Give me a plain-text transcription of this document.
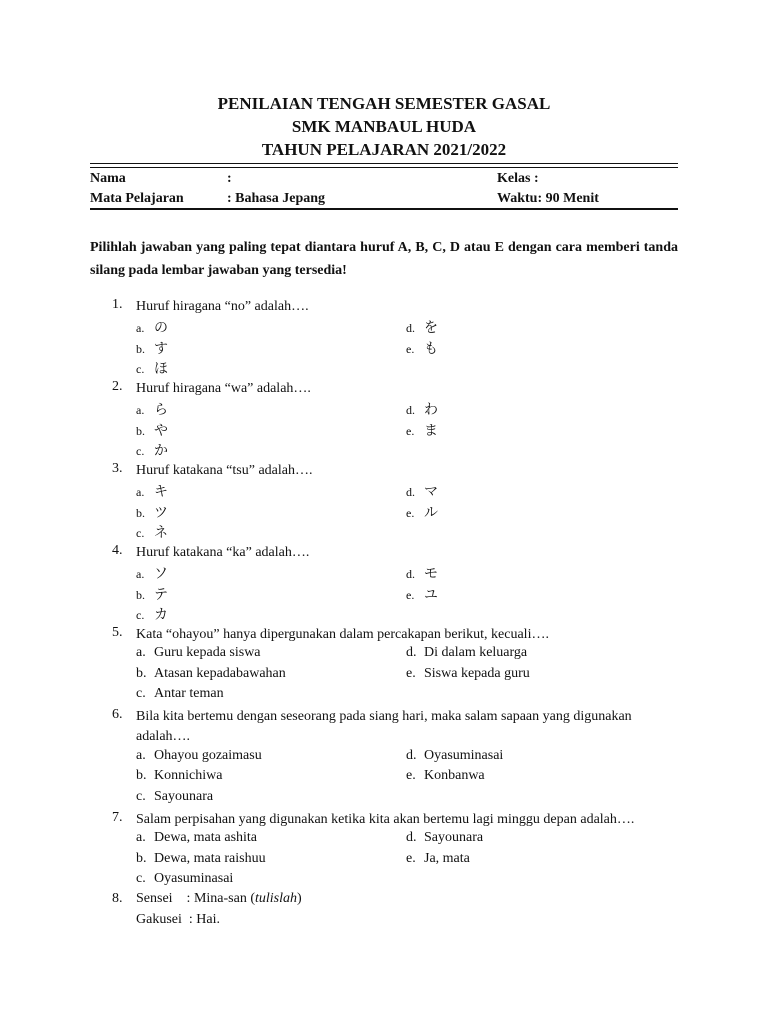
PENILAIAN TENGAH SEMESTER GASAL
SMK MANBAUL HUDA
TAHUN PELAJARAN 2021/2022
Nama	:	Kelas :
Mata Pelajaran	: Bahasa Jepang	Waktu: 90 Menit
Pilihlah jawaban yang paling tepat diantara huruf A, B, C, D atau E dengan cara memberi tanda silang pada lembar jawaban yang tersedia!
1. Huruf hiragana “no” adalah….
a. の
b. す
c. ほ
d. を
e. も
2. Huruf hiragana “wa” adalah….
a. ら
b. や
c. か
d. わ
e. ま
3. Huruf katakana “tsu” adalah….
a. キ
b. ツ
c. ネ
d. マ
e. ル
4. Huruf katakana “ka” adalah….
a. ソ
b. テ
c. カ
d. モ
e. ユ
5. Kata “ohayou” hanya dipergunakan dalam percakapan berikut, kecuali….
a. Guru kepada siswa
b. Atasan kepadabawahan
c. Antar teman
d. Di dalam keluarga
e. Siswa kepada guru
6. Bila kita bertemu dengan seseorang pada siang hari, maka salam sapaan yang digunakan adalah….
a. Ohayou gozaimasu
b. Konnichiwa
c. Sayounara
d. Oyasuminasai
e. Konbanwa
7. Salam perpisahan yang digunakan ketika kita akan bertemu lagi minggu depan adalah….
a. Dewa, mata ashita
b. Dewa, mata raishuu
c. Oyasuminasai
d. Sayounara
e. Ja, mata
8. Sensei    : Mina-san (tulislah)
Gakusei  : Hai.
